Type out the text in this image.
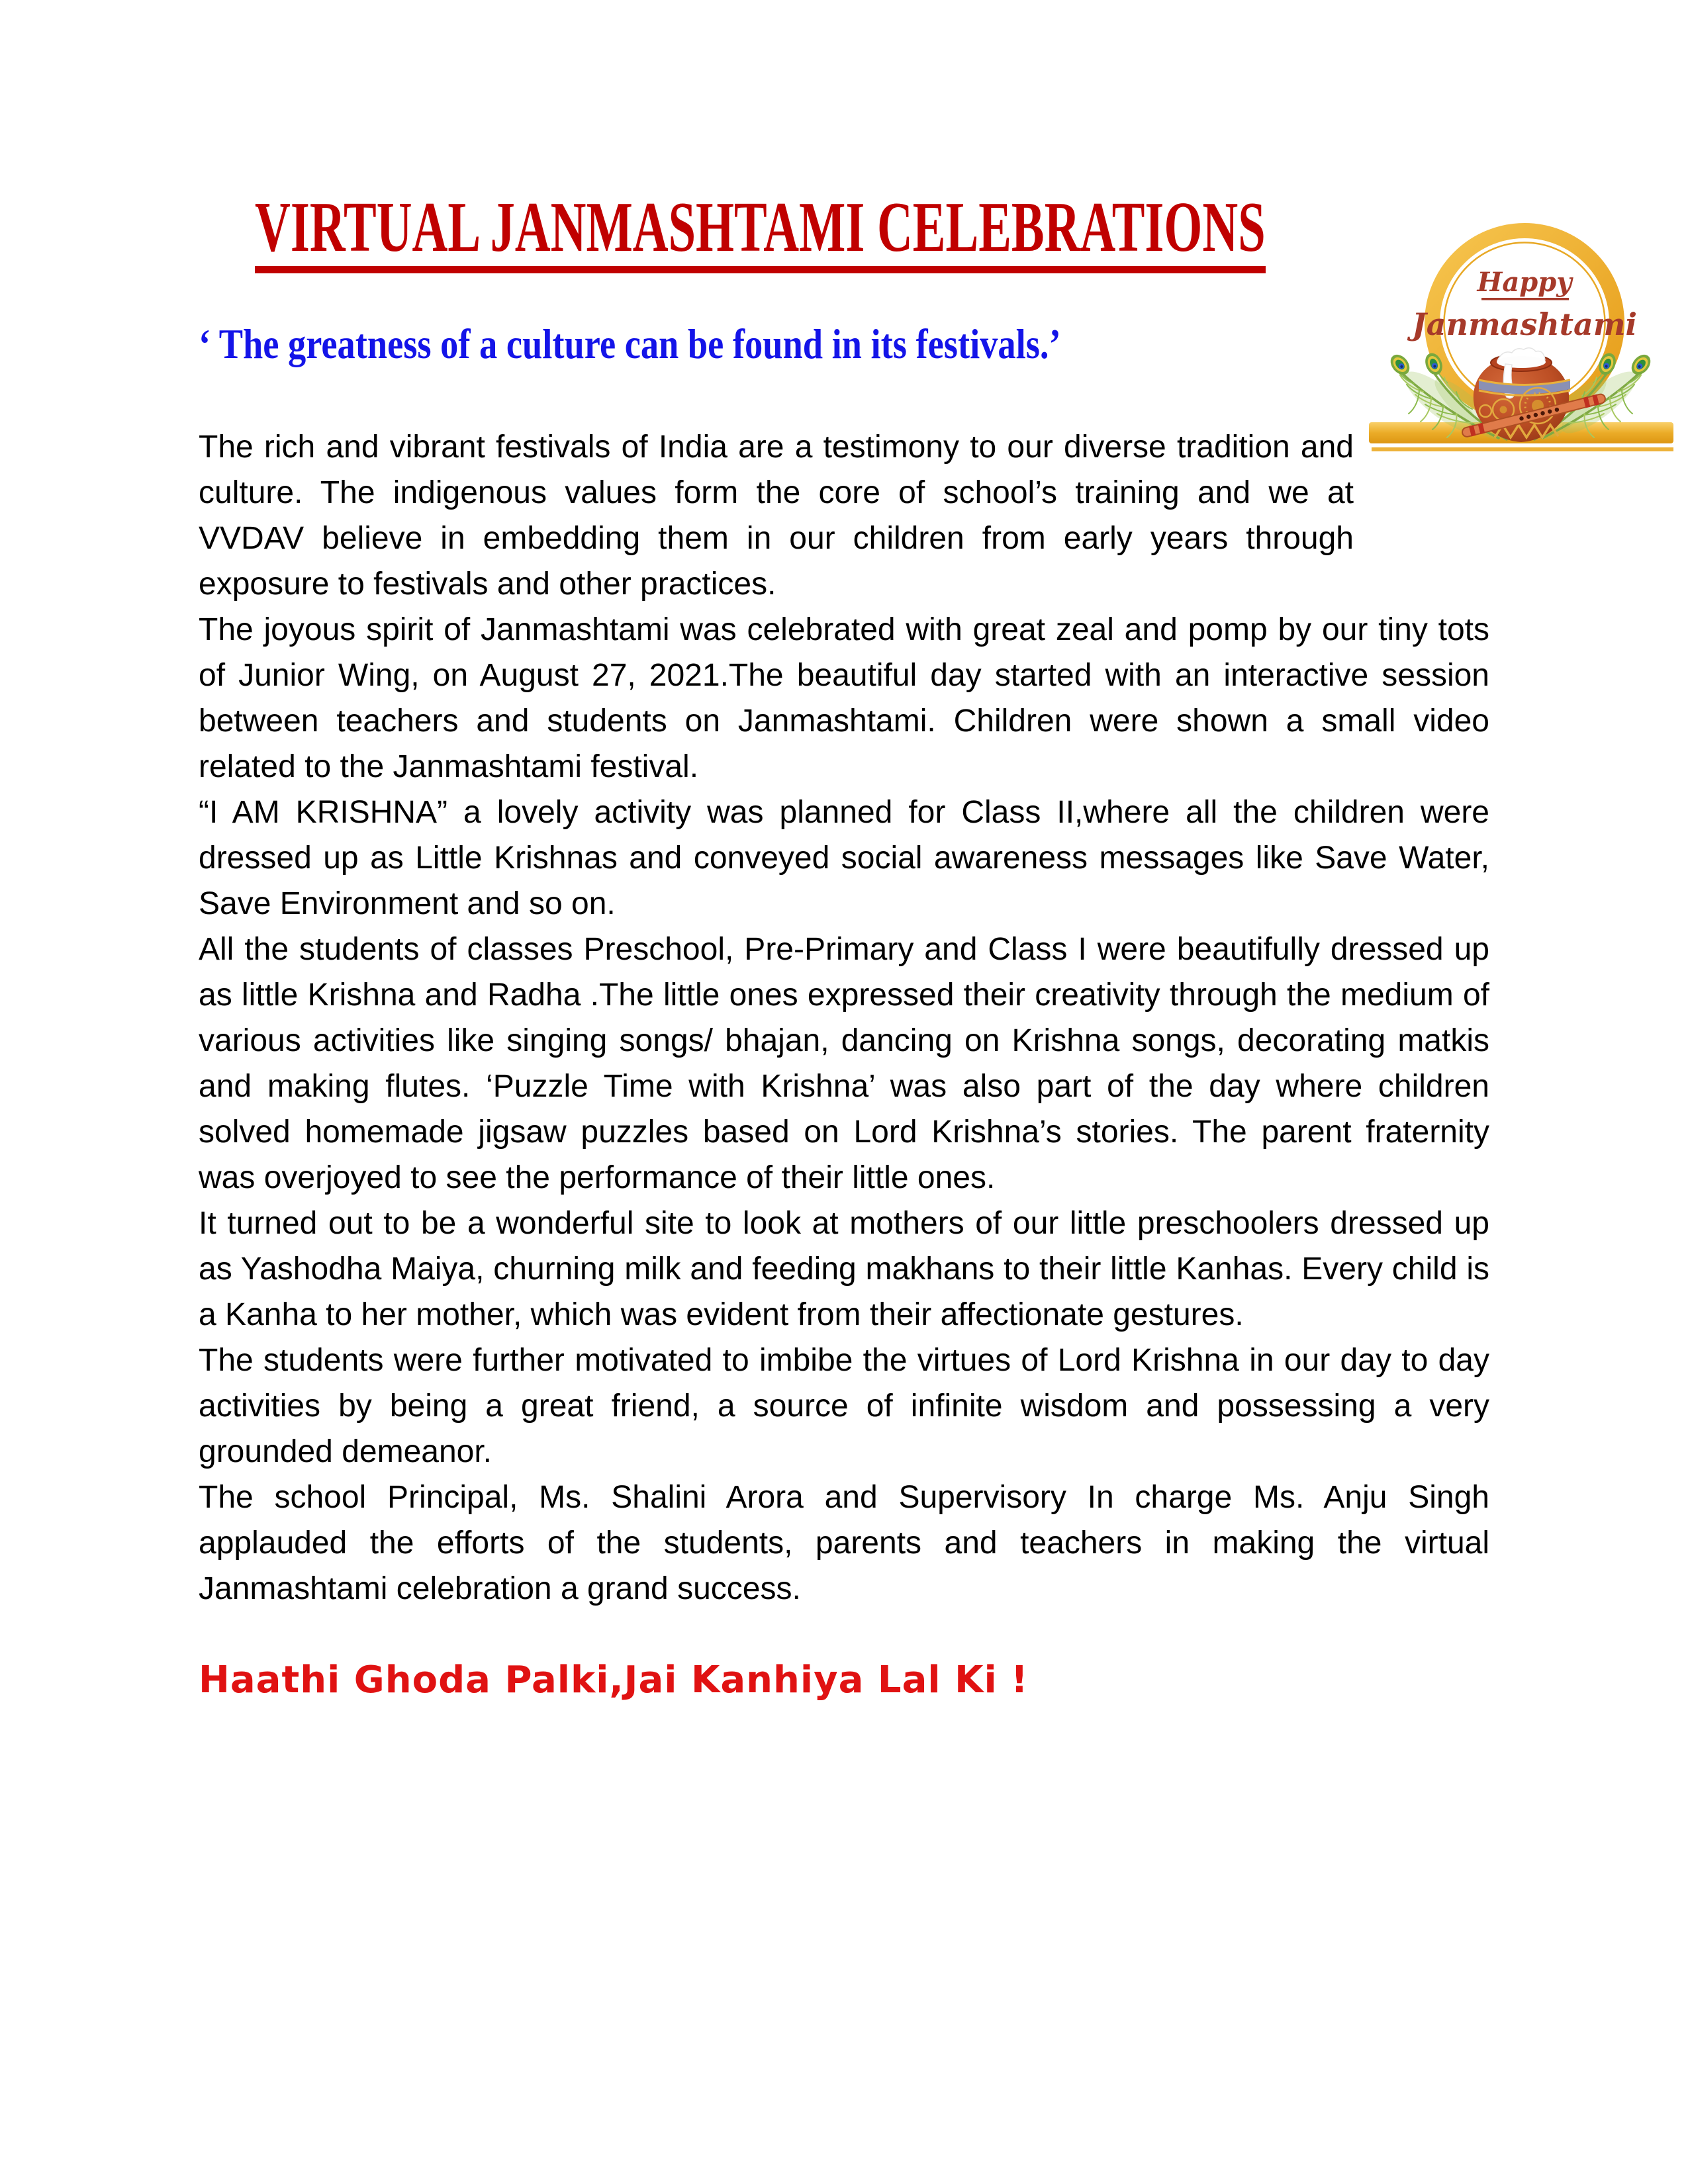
Happy
Janmashtami
VIRTUAL JANMASHTAMI CELEBRATIONS
‘ The greatness of a culture can be found in its festivals.’

The rich and vibrant festivals of India are a testimony to our diverse tradition and culture. The indigenous values form the core of school’s training and we at VVDAV believe in embedding them in our children from early years through exposure to festivals and other practices.

The joyous spirit of Janmashtami was celebrated with great zeal and pomp by our tiny tots of Junior Wing, on August 27, 2021.The beautiful day started with an interactive session between teachers and students on Janmashtami. Children were shown a small video related to the Janmashtami festival.

“I AM KRISHNA” a lovely activity was planned for Class II,where all the children were dressed up as Little Krishnas and conveyed social awareness messages like Save Water, Save Environment and so on.

All the students of classes Preschool, Pre-Primary and Class I were beautifully dressed up as little Krishna and Radha .The little ones expressed their creativity through the medium of various activities like singing songs/ bhajan, dancing on Krishna songs, decorating matkis and making flutes. ‘Puzzle Time with Krishna’ was also part of the day where children solved homemade jigsaw puzzles based on Lord Krishna’s stories. The parent fraternity was overjoyed to see the performance of their little ones.

It turned out to be a wonderful site to look at mothers of our little preschoolers dressed up as Yashodha Maiya, churning milk and feeding makhans to their little Kanhas. Every child is a Kanha to her mother, which was evident from their affectionate gestures.

The students were further motivated to imbibe the virtues of Lord Krishna in our day to day activities by being a great friend, a source of infinite wisdom and possessing a very grounded demeanor.

The school Principal, Ms. Shalini Arora and Supervisory In charge Ms. Anju Singh applauded the efforts of the students, parents and teachers in making the virtual Janmashtami celebration a grand success.

Haathi Ghoda Palki,Jai Kanhiya Lal Ki !
